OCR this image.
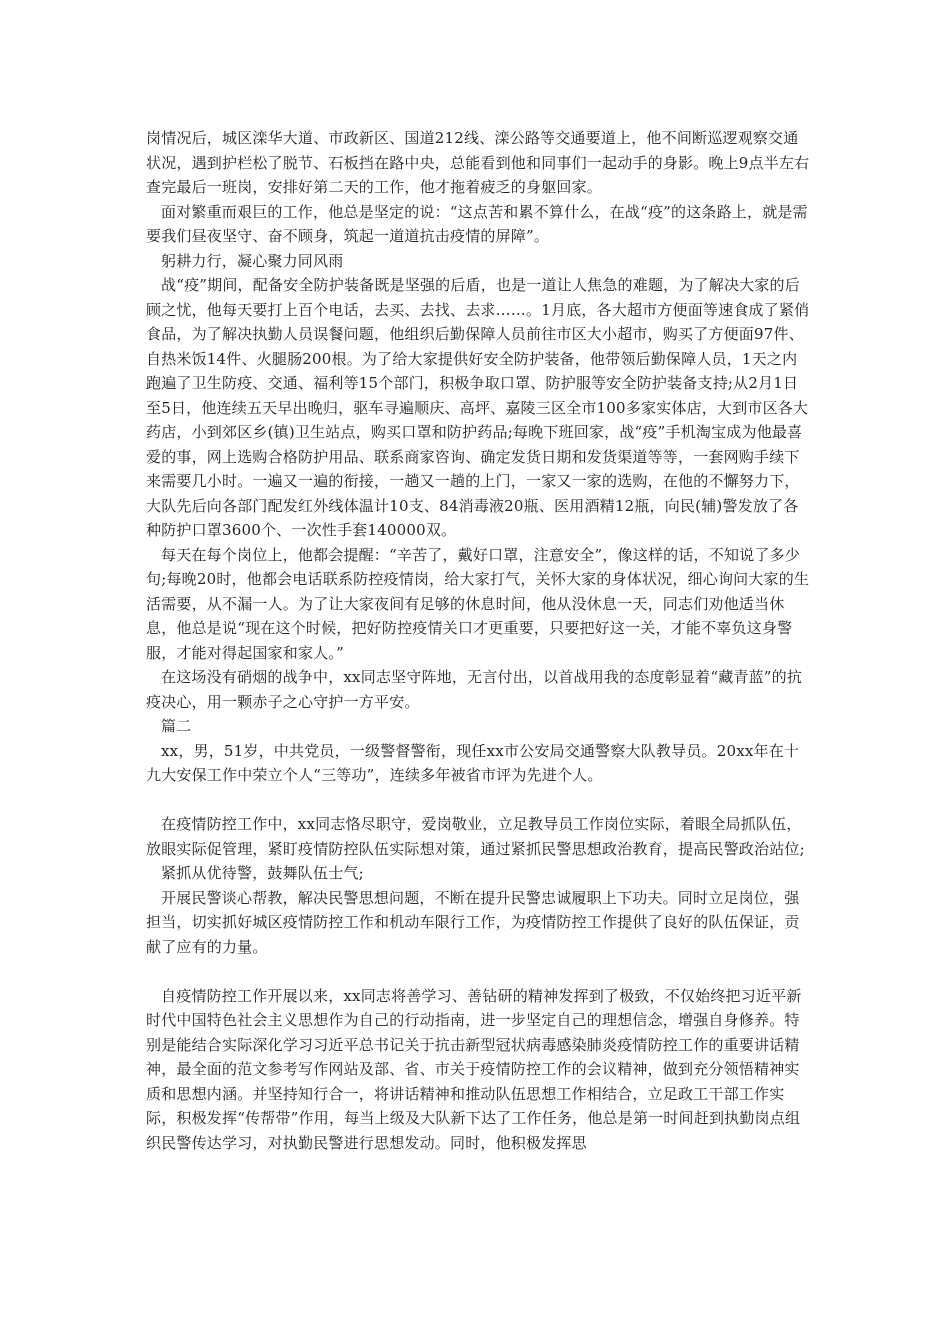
岗情况后，城区滦华大道、市政新区、国道212线、滦公路等交通要道上，他不间断巡逻观察交通状况，遇到护栏松了脱节、石板挡在路中央，总能看到他和同事们一起动手的身影。晚上9点半左右查完最后一班岗，安排好第二天的工作，他才拖着疲乏的身躯回家。

面对繁重而艰巨的工作，他总是坚定的说：“这点苦和累不算什么，在战“疫”的这条路上，就是需要我们昼夜坚守、奋不顾身，筑起一道道抗击疫情的屏障”。

躬耕力行，凝心聚力同风雨

战“疫”期间，配备安全防护装备既是坚强的后盾，也是一道让人焦急的难题，为了解决大家的后顾之忧，他每天要打上百个电话，去买、去找、去求……。1月底，各大超市方便面等速食成了紧俏食品，为了解决执勤人员误餐问题，他组织后勤保障人员前往市区大小超市，购买了方便面97件、自热米饭14件、火腿肠200根。为了给大家提供好安全防护装备，他带领后勤保障人员，1天之内跑遍了卫生防疫、交通、福利等15个部门，积极争取口罩、防护服等安全防护装备支持;从2月1日至5日，他连续五天早出晚归，驱车寻遍顺庆、高坪、嘉陵三区全市100多家实体店，大到市区各大药店，小到郊区乡(镇)卫生站点，购买口罩和防护药品;每晚下班回家，战“疫”手机淘宝成为他最喜爱的事，网上选购合格防护用品、联系商家咨询、确定发货日期和发货渠道等等，一套网购手续下来需要几小时。一遍又一遍的衔接，一趟又一趟的上门，一家又一家的选购，在他的不懈努力下，大队先后向各部门配发红外线体温计10支、84消毒液20瓶、医用酒精12瓶，向民(辅)警发放了各种防护口罩3600个、一次性手套140000双。

每天在每个岗位上，他都会提醒：“辛苦了，戴好口罩，注意安全”，像这样的话，不知说了多少句;每晚20时，他都会电话联系防控疫情岗，给大家打气，关怀大家的身体状况，细心询问大家的生活需要，从不漏一人。为了让大家夜间有足够的休息时间，他从没休息一天，同志们劝他适当休息，他总是说“现在这个时候，把好防控疫情关口才更重要，只要把好这一关，才能不辜负这身警服，才能对得起国家和家人。”

在这场没有硝烟的战争中，xx同志坚守阵地，无言付出，以首战用我的态度彰显着“藏青蓝”的抗疫决心，用一颗赤子之心守护一方平安。

篇二

xx，男，51岁，中共党员，一级警督警衔，现任xx市公安局交通警察大队教导员。20xx年在十九大安保工作中荣立个人“三等功”，连续多年被省市评为先进个人。

在疫情防控工作中，xx同志恪尽职守，爱岗敬业，立足教导员工作岗位实际，着眼全局抓队伍，放眼实际促管理，紧盯疫情防控队伍实际想对策，通过紧抓民警思想政治教育，提高民警政治站位;

紧抓从优待警，鼓舞队伍士气;

开展民警谈心帮教，解决民警思想问题，不断在提升民警忠诚履职上下功夫。同时立足岗位，强担当，切实抓好城区疫情防控工作和机动车限行工作，为疫情防控工作提供了良好的队伍保证，贡献了应有的力量。

自疫情防控工作开展以来，xx同志将善学习、善钻研的精神发挥到了极致，不仅始终把习近平新时代中国特色社会主义思想作为自己的行动指南，进一步坚定自己的理想信念，增强自身修养。特别是能结合实际深化学习习近平总书记关于抗击新型冠状病毒感染肺炎疫情防控工作的重要讲话精神，最全面的范文参考写作网站及部、省、市关于疫情防控工作的会议精神，做到充分领悟精神实质和思想内涵。并坚持知行合一，将讲话精神和推动队伍思想工作相结合，立足政工干部工作实际，积极发挥“传帮带”作用，每当上级及大队新下达了工作任务，他总是第一时间赶到执勤岗点组织民警传达学习，对执勤民警进行思想发动。同时，他积极发挥思
